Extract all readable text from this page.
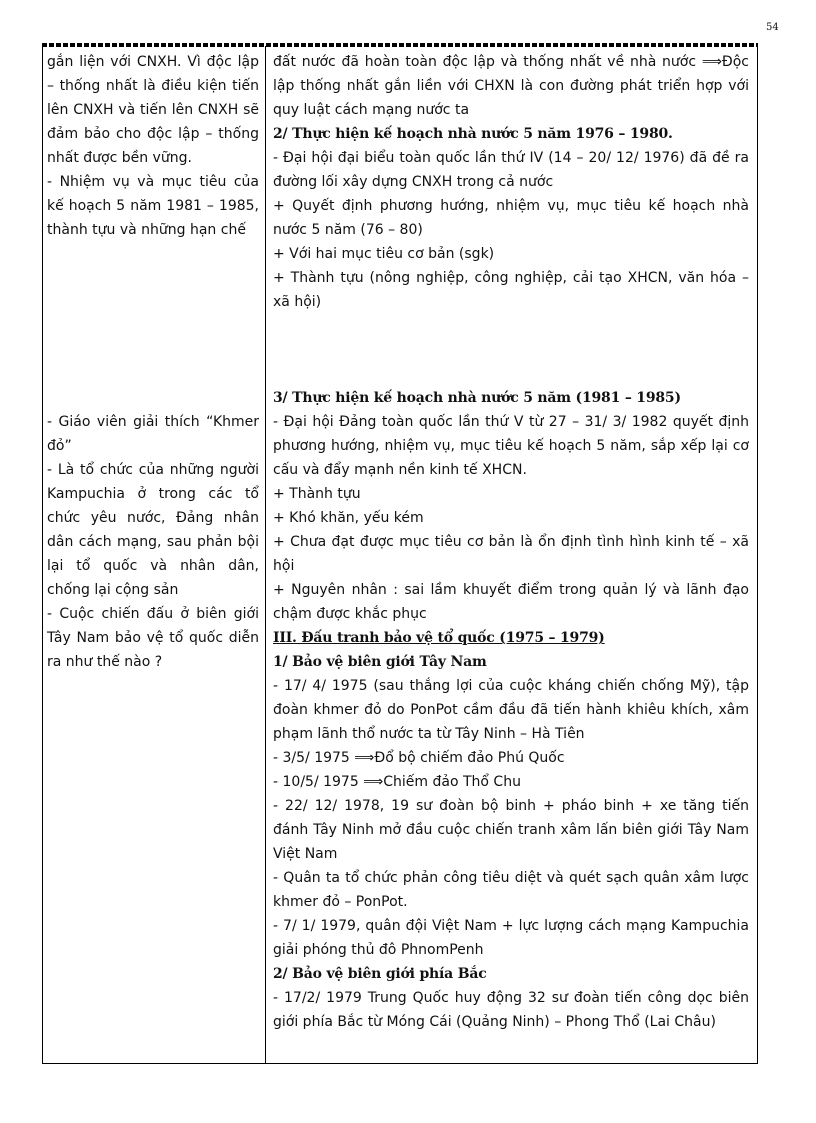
54
gắn liện với CNXH. Vì độc lập – thống nhất là điều kiện tiến lên CNXH và tiến lên CNXH sẽ đảm bảo cho độc lập – thống nhất được bền vững.
- Nhiệm vụ và mục tiêu của kế hoạch 5 năm 1981 – 1985, thành tựu và những hạn chế
- Giáo viên giải thích “Khmer đỏ”
- Là tổ chức của những người Kampuchia ở trong các tổ chức yêu nước, Đảng nhân dân cách mạng, sau phản bội lại tổ quốc và nhân dân, chống lại cộng sản
- Cuộc chiến đấu ở biên giới Tây Nam bảo vệ tổ quốc diễn ra như thế nào ?
đất nước đã hoàn toàn độc lập và thống nhất về nhà nước ⟹Độc lập thống nhất gắn liền với CHXN là con đường phát triển hợp với quy luật cách mạng nước ta
2/ Thực hiện kế hoạch nhà nước 5 năm 1976 – 1980.
- Đại hội đại biểu toàn quốc lần thứ IV (14 – 20/ 12/ 1976) đã đề ra đường lối xây dựng CNXH trong cả nước
+ Quyết định phương hướng, nhiệm vụ, mục tiêu kế hoạch nhà nước 5 năm (76 – 80)
+ Với hai mục tiêu cơ bản (sgk)
+ Thành tựu (nông nghiệp, công nghiệp, cải tạo XHCN, văn hóa – xã hội)
3/ Thực hiện kế hoạch nhà nước 5 năm (1981 – 1985)
- Đại hội Đảng toàn quốc lần thứ V từ 27 – 31/ 3/ 1982 quyết định phương hướng, nhiệm vụ, mục tiêu kế hoạch 5 năm, sắp xếp lại cơ cấu và đẩy mạnh nền kinh tế XHCN.
+ Thành tựu
+ Khó khăn, yếu kém
+ Chưa đạt được mục tiêu cơ bản là ổn định tình hình kinh tế – xã hội
+ Nguyên nhân : sai lầm khuyết điểm trong quản lý và lãnh đạo chậm được khắc phục
III. Đấu tranh bảo vệ tổ quốc (1975 – 1979)
1/ Bảo vệ biên giới Tây Nam
- 17/ 4/ 1975 (sau thắng lợi của cuộc kháng chiến chống Mỹ), tập đoàn khmer đỏ do PonPot cầm đầu đã tiến hành khiêu khích, xâm phạm lãnh thổ nước ta từ Tây Ninh – Hà Tiên
- 3/5/ 1975 ⟹Đổ bộ chiếm đảo Phú Quốc
- 10/5/ 1975 ⟹Chiếm đảo Thổ Chu
- 22/ 12/ 1978, 19 sư đoàn bộ binh + pháo binh + xe tăng tiến đánh Tây Ninh mở đầu cuộc chiến tranh xâm lấn biên giới Tây Nam Việt Nam
- Quân ta tổ chức phản công tiêu diệt và quét sạch quân xâm lược khmer đỏ – PonPot.
- 7/ 1/ 1979, quân đội Việt Nam + lực lượng cách mạng Kampuchia giải phóng thủ đô PhnomPenh
2/ Bảo vệ biên giới phía Bắc
- 17/2/ 1979 Trung Quốc huy động 32 sư đoàn tiến công dọc biên giới phía Bắc từ Móng Cái (Quảng Ninh) – Phong Thổ (Lai Châu)
